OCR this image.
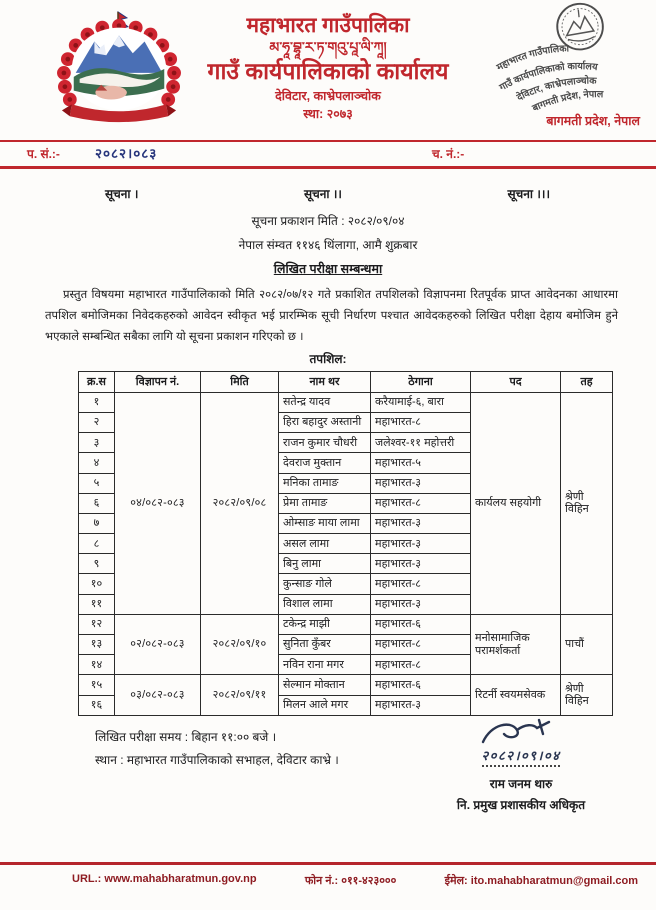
महाभारत गाउँपालिका
མ་ཧཱ་བྷཱ་ར་ཏ་གའུ་པཱ་ལི་ཀཱ།
गाउँ कार्यपालिकाको कार्यालय
देविटार, काभ्रेपलाञ्चोक
स्था: २०७३
महाभारत गाउँपालिका
गाउँ कार्यपालिकाको कार्यालय
देविटार, काभ्रेपलाञ्चोक
बागमती प्रदेश, नेपाल
बागमती प्रदेश, नेपाल
प. सं.:-	२०८२।०८३	च. नं.:-
सूचना ।	सूचना ।।	सूचना ।।।
सूचना प्रकाशन मिति : २०८२/०९/०४
नेपाल संम्वत ११४६ थिंलागा, आमै शुक्रबार
लिखित परीक्षा सम्बन्धमा
प्रस्तुत विषयमा महाभारत गाउँपालिकाको मिति २०८२/०७/१२ गते प्रकाशित तपशिलको विज्ञापनमा रितपूर्वक प्राप्त आवेदनका आधारमा तपशिल बमोजिमका निवेदकहरुको आवेदन स्वीकृत भई प्रारम्भिक सूची निर्धारण पश्चात आवेदकहरुको लिखित परीक्षा देहाय बमोजिम हुने भएकाले सम्बन्धित सबैका लागि यो सूचना प्रकाशन गरिएको छ ।
तपशिल:
क्र.स	विज्ञापन नं.	मिति	नाम थर	ठेगाना	पद	तह
१	०४/०८२-०८३	२०८२/०९/०८	सतेन्द्र यादव	करैयामाई-६, बारा	कार्यलय सहयोगी	श्रेणी विहिन
२			हिरा बहादुर अस्तानी	महाभारत-८		
३			राजन कुमार चौधरी	जलेश्वर-११ महोत्तरी		
४			देवराज मुक्तान	महाभारत-५		
५			मनिका तामाङ	महाभारत-३		
६			प्रेमा तामाङ	महाभारत-८		
७			ओम्साङ माया लामा	महाभारत-३		
८			असल लामा	महाभारत-३		
९			बिनु लामा	महाभारत-३		
१०			कुन्साङ गोले	महाभारत-८		
११			विशाल लामा	महाभारत-३		
१२	०२/०८२-०८३	२०८२/०९/१०	टकेन्द्र माझी	महाभारत-६	मनोसामाजिक परामर्शकर्ता	पाचौं
१३			सुनिता कुँबर	महाभारत-८		
१४			नविन राना मगर	महाभारत-८		
१५	०३/०८२-०८३	२०८२/०९/११	सेल्मान मोक्तान	महाभारत-६	रिटर्नी स्वयमसेवक	श्रेणी विहिन
१६			मिलन आले मगर	महाभारत-३		
लिखित परीक्षा समय : बिहान ११:०० बजे ।
स्थान : महाभारत गाउँपालिकाको सभाहल, देविटार काभ्रे ।	२०८२।०९।०४
राम जनम थारु
नि. प्रमुख प्रशासकीय अधिकृत
URL.: www.mahabharatmun.gov.np	फोन नं.: ०११-४२३०००	ईमेल: ito.mahabharatmun@gmail.com
